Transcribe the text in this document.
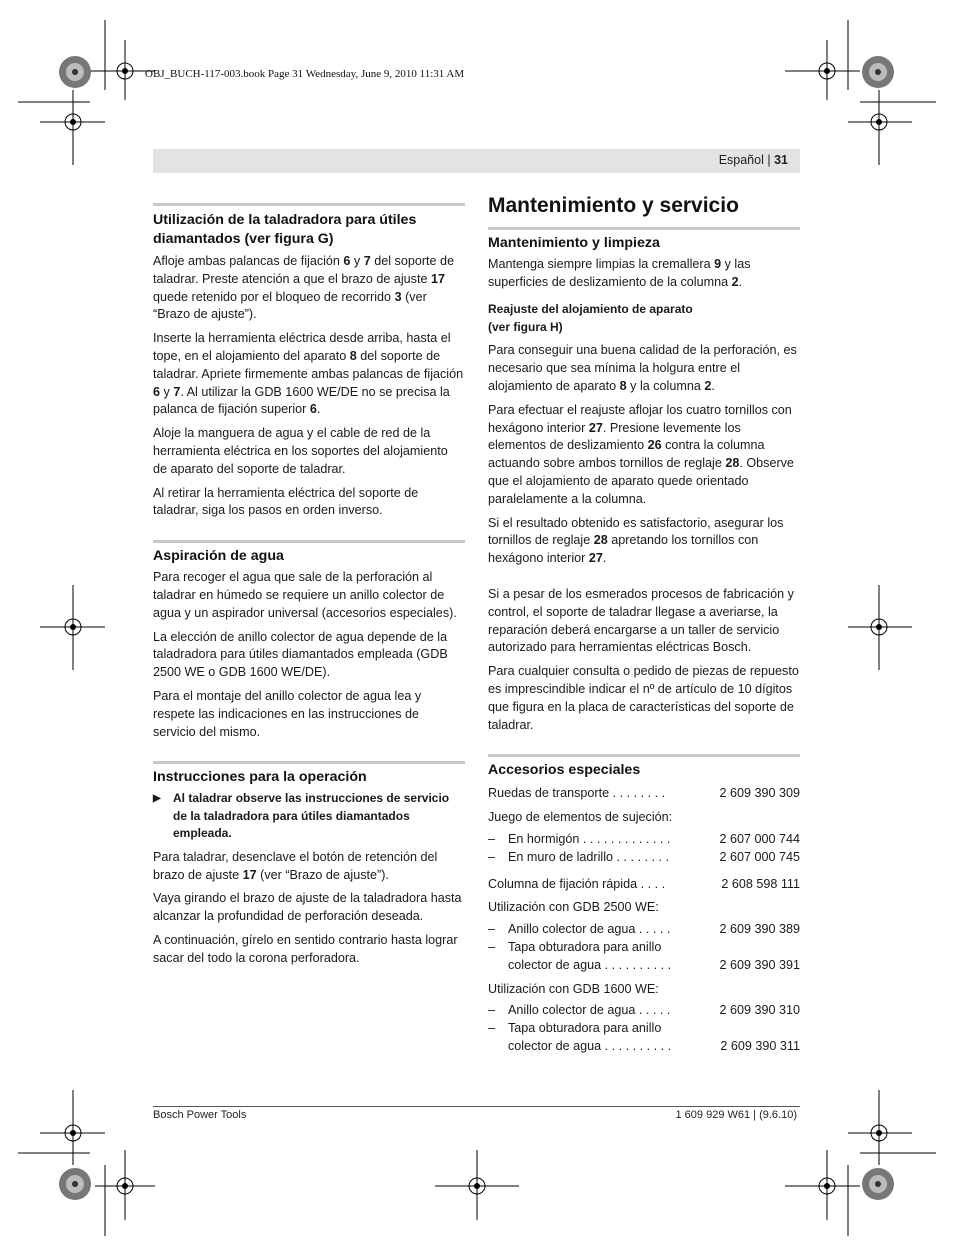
OBJ_BUCH-117-003.book Page 31 Wednesday, June 9, 2010 11:31 AM
Español | 31
Utilización de la taladradora para útiles diamantados (ver figura G)

Afloje ambas palancas de fijación 6 y 7 del soporte de taladrar. Preste atención a que el brazo de ajuste 17 quede retenido por el bloqueo de recorrido 3 (ver “Brazo de ajuste”).

Inserte la herramienta eléctrica desde arriba, hasta el tope, en el alojamiento del aparato 8 del soporte de taladrar. Apriete firmemente ambas palancas de fijación 6 y 7. Al utilizar la GDB 1600 WE/DE no se precisa la palanca de fijación superior 6.

Aloje la manguera de agua y el cable de red de la herramienta eléctrica en los soportes del alojamiento de aparato del soporte de taladrar.

Al retirar la herramienta eléctrica del soporte de taladrar, siga los pasos en orden inverso.

Aspiración de agua

Para recoger el agua que sale de la perforación al taladrar en húmedo se requiere un anillo colector de agua y un aspirador universal (accesorios especiales).

La elección de anillo colector de agua depende de la taladradora para útiles diamantados empleada (GDB 2500 WE o GDB 1600 WE/DE).

Para el montaje del anillo colector de agua lea y respete las indicaciones en las instrucciones de servicio del mismo.

Instrucciones para la operación
▶	Al taladrar observe las instrucciones de servicio de la taladradora para útiles diamantados empleada.

Para taladrar, desenclave el botón de retención del brazo de ajuste 17 (ver “Brazo de ajuste”).

Vaya girando el brazo de ajuste de la taladradora hasta alcanzar la profundidad de perforación deseada.

A continuación, gírelo en sentido contrario hasta lograr sacar del todo la corona perforadora.

Mantenimiento y servicio
Mantenimiento y limpieza

Mantenga siempre limpias la cremallera 9 y las superficies de deslizamiento de la columna 2.

Reajuste del alojamiento de aparato
(ver figura H)

Para conseguir una buena calidad de la perforación, es necesario que sea mínima la holgura entre el alojamiento de aparato 8 y la columna 2.

Para efectuar el reajuste aflojar los cuatro tornillos con hexágono interior 27. Presione levemente los elementos de deslizamiento 26 contra la columna actuando sobre ambos tornillos de reglaje 28. Observe que el alojamiento de aparato quede orientado paralelamente a la columna.

Si el resultado obtenido es satisfactorio, asegurar los tornillos de reglaje 28 apretando los tornillos con hexágono interior 27.

Si a pesar de los esmerados procesos de fabricación y control, el soporte de taladrar llegase a averiarse, la reparación deberá encargarse a un taller de servicio autorizado para herramientas eléctricas Bosch.

Para cualquier consulta o pedido de piezas de repuesto es imprescindible indicar el nº de artículo de 10 dígitos que figura en la placa de características del soporte de taladrar.

Accesorios especiales
Ruedas de transporte . . . . . . . .	2 609 390 309
Juego de elementos de sujeción:
–	En hormigón . . . . . . . . . . . . .	2 607 000 744
–	En muro de ladrillo . . . . . . . .	2 607 000 745
Columna de fijación rápida . . . .	2 608 598 111
Utilización con GDB 2500 WE:
–	Anillo colector de agua . . . . .	2 609 390 389
–	Tapa obturadora para anillo
colector de agua . . . . . . . . . .	2 609 390 391
Utilización con GDB 1600 WE:
–	Anillo colector de agua . . . . .	2 609 390 310
–	Tapa obturadora para anillo
colector de agua . . . . . . . . . .	2 609 390 311
Bosch Power Tools	1 609 929 W61 | (9.6.10)
